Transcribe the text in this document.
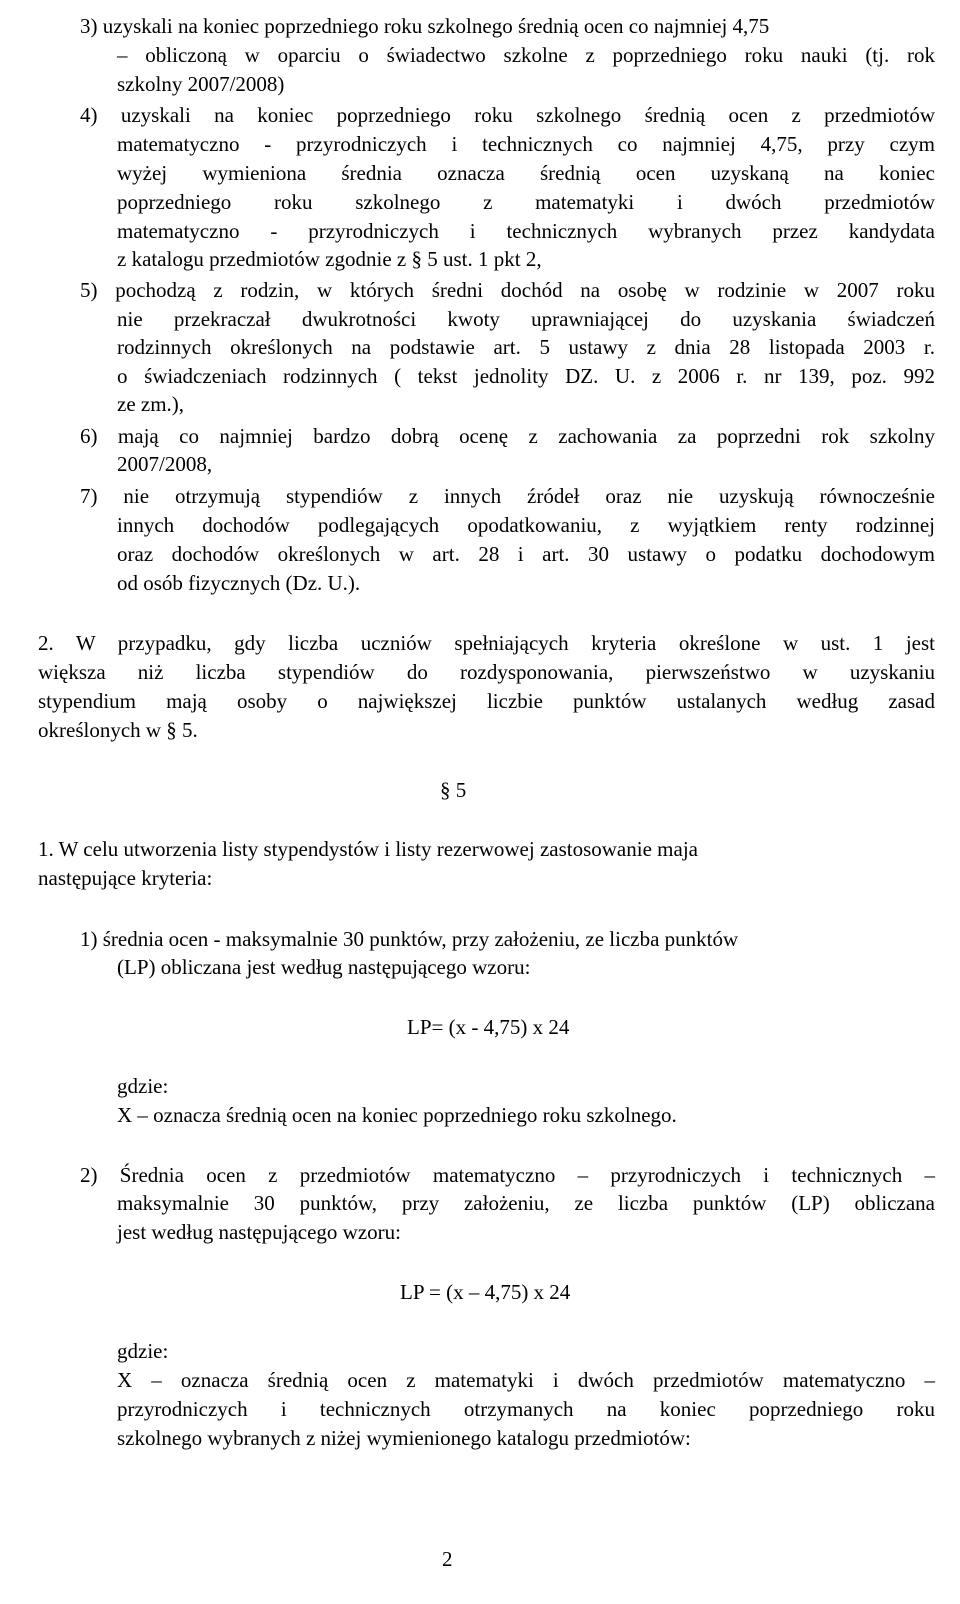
3) uzyskali na koniec poprzedniego roku szkolnego średnią ocen co najmniej 4,75
– obliczoną w oparciu o świadectwo szkolne z poprzedniego roku nauki (tj. rok
szkolny 2007/2008)
4) uzyskali na koniec poprzedniego roku szkolnego średnią ocen z przedmiotów
matematyczno - przyrodniczych i technicznych co najmniej 4,75, przy czym
wyżej wymieniona średnia oznacza średnią ocen uzyskaną na koniec
poprzedniego roku szkolnego z matematyki i dwóch przedmiotów
matematyczno - przyrodniczych i technicznych wybranych przez kandydata
z katalogu przedmiotów zgodnie z § 5 ust. 1 pkt 2,
5) pochodzą z rodzin, w których średni dochód na osobę w rodzinie w 2007 roku
nie przekraczał dwukrotności kwoty uprawniającej do uzyskania świadczeń
rodzinnych określonych na podstawie art. 5 ustawy z dnia 28 listopada 2003 r.
o świadczeniach rodzinnych ( tekst jednolity DZ. U. z 2006 r. nr 139, poz. 992
ze zm.),
6) mają co najmniej bardzo dobrą ocenę z zachowania za poprzedni rok szkolny
2007/2008,
7) nie otrzymują stypendiów z innych źródeł oraz nie uzyskują równocześnie
innych dochodów podlegających opodatkowaniu, z wyjątkiem renty rodzinnej
oraz dochodów określonych w art. 28 i art. 30 ustawy o podatku dochodowym
od osób fizycznych (Dz. U.).
2. W przypadku, gdy liczba uczniów spełniających kryteria określone w ust. 1 jest
większa niż liczba stypendiów do rozdysponowania, pierwszeństwo w uzyskaniu
stypendium mają osoby o największej liczbie punktów ustalanych według zasad
określonych w § 5.
§ 5
1. W celu utworzenia listy stypendystów i listy rezerwowej zastosowanie maja
następujące kryteria:
1) średnia ocen - maksymalnie 30 punktów, przy założeniu, ze liczba punktów
(LP) obliczana jest według następującego wzoru:
LP= (x - 4,75) x 24
gdzie:
X – oznacza średnią ocen na koniec poprzedniego roku szkolnego.
2) Średnia ocen z przedmiotów matematyczno – przyrodniczych i technicznych –
maksymalnie 30 punktów, przy założeniu, ze liczba punktów (LP) obliczana
jest według następującego wzoru:
LP = (x – 4,75) x 24
gdzie:
X – oznacza średnią ocen z matematyki i dwóch przedmiotów matematyczno –
przyrodniczych i technicznych otrzymanych na koniec poprzedniego roku
szkolnego wybranych z niżej wymienionego katalogu przedmiotów:
2
